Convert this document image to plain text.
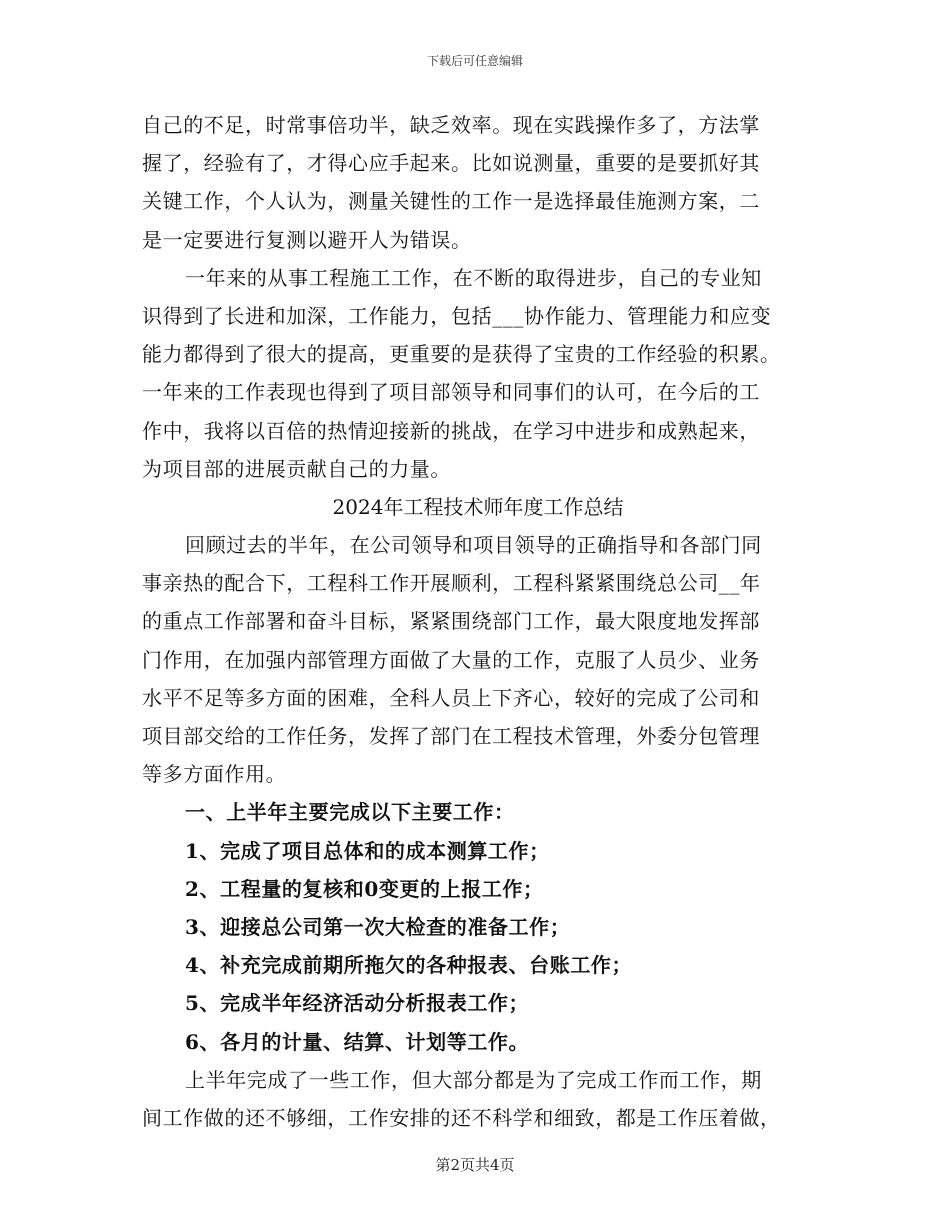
下载后可任意编辑
自己的不足，时常事倍功半，缺乏效率。现在实践操作多了，方法掌
握了，经验有了，才得心应手起来。比如说测量，重要的是要抓好其
关键工作，个人认为，测量关键性的工作一是选择最佳施测方案，二
是一定要进行复测以避开人为错误。
一年来的从事工程施工工作，在不断的取得进步，自己的专业知
识得到了长进和加深，工作能力，包括___协作能力、管理能力和应变
能力都得到了很大的提高，更重要的是获得了宝贵的工作经验的积累。
一年来的工作表现也得到了项目部领导和同事们的认可，在今后的工
作中，我将以百倍的热情迎接新的挑战，在学习中进步和成熟起来，
为项目部的进展贡献自己的力量。
2024年工程技术师年度工作总结
回顾过去的半年，在公司领导和项目领导的正确指导和各部门同
事亲热的配合下，工程科工作开展顺利，工程科紧紧围绕总公司__年
的重点工作部署和奋斗目标，紧紧围绕部门工作，最大限度地发挥部
门作用，在加强内部管理方面做了大量的工作，克服了人员少、业务
水平不足等多方面的困难，全科人员上下齐心，较好的完成了公司和
项目部交给的工作任务，发挥了部门在工程技术管理，外委分包管理
等多方面作用。
一、上半年主要完成以下主要工作：
1、完成了项目总体和的成本测算工作；
2、工程量的复核和0变更的上报工作；
3、迎接总公司第一次大检查的准备工作；
4、补充完成前期所拖欠的各种报表、台账工作；
5、完成半年经济活动分析报表工作；
6、各月的计量、结算、计划等工作。
上半年完成了一些工作，但大部分都是为了完成工作而工作，期
间工作做的还不够细，工作安排的还不科学和细致，都是工作压着做，
第2页共4页
